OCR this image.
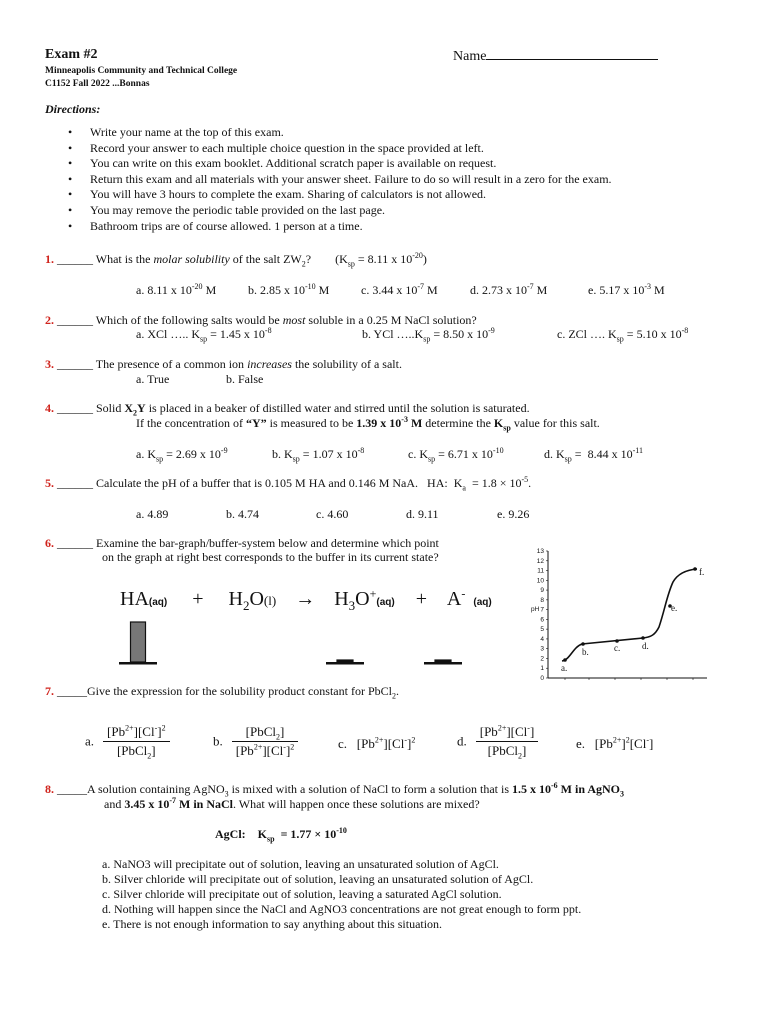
Exam #2	Name
Minneapolis Community and Technical College
C1152 Fall 2022 ...Bonnas
Directions:
• Write your name at the top of this exam.
• Record your answer to each multiple choice question in the space provided at left.
• You can write on this exam booklet. Additional scratch paper is available on request.
• Return this exam and all materials with your answer sheet. Failure to do so will result in a zero for the exam.
• You will have 3 hours to complete the exam. Sharing of calculators is not allowed.
• You may remove the periodic table provided on the last page.
• Bathroom trips are of course allowed. 1 person at a time.
1. ______ What is the molar solubility of the salt $ZW_2$?        ($K_{sp} = 8.11$ x $10^{-20}$)
a. 8.11 x $10^{-20}$ M	b. 2.85 x $10^{-10}$ M	c. 3.44 x $10^{-7}$ M	d. 2.73 x $10^{-7}$ M	e. 5.17 x $10^{-3}$ M
2. ______ Which of the following salts would be most soluble in a 0.25 M NaCl solution?
a. XCl ….. $K_{sp} = 1.45$ x $10^{-8}$	b. YCl $\dots..K_{sp} = 8.50$ x $10^{-9}$	c. ZCl …. $K_{sp} = 5.10$ x $10^{-8}$
3. ______ The presence of a common ion increases the solubility of a salt.
a. True	b. False
4. ______ Solid $X_2Y$ is placed in a beaker of distilled water and stirred until the solution is saturated.
If the concentration of “Y” is measured to be 1.39 x $10^{-3}$ M determine the $K_{sp}$ value for this salt.
a. $K_{sp} = 2.69$ x $10^{-9}$	b. $K_{sp} = 1.07$ x $10^{-8}$	c. $K_{sp} = 6.71$ x $10^{-10}$	d. $K_{sp} = 8.44$ x $10^{-11}$
5. ______ Calculate the pH of a buffer that is 0.105 M HA and 0.146 M NaA.   HA:  $K_a = 1.8 \times 10^{-5}$.
a. 4.89	b. 4.74	c. 4.60	d. 9.11	e. 9.26
6. ______ Examine the bar-graph/buffer-system below and determine which point
on the graph at right best corresponds to the buffer in its current state?
$HA(aq) + H_2O(l) \to H_3O^+(aq) + A^-(aq)$
13
12
11
10
9
8
7
6
5
4
3
2
1
0
pH
a.
b.	c. d.
e.
f.
7. _____Give the expression for the solubility product constant for PbCl$_2$.
a. $\frac{[Pb^{2+}][Cl^-]^2}{[PbCl_2]}$	b. $\frac{[PbCl_2]}{[Pb^{2+}][Cl^-]^2}$	c.   $[Pb^{2+}][Cl^-]^2$	d. $\frac{[Pb^{2+}][Cl^-]}{[PbCl_2]}$	e.   $[Pb^{2+}]^2[Cl^-]$
8. _____A solution containing AgNO$_3$ is mixed with a solution of NaCl to form a solution that is 1.5 x $10^{-6}$ M in AgNO$_3$
and 3.45 x $10^{-7}$ M in NaCl. What will happen once these solutions are mixed?
AgCl:    $K_{sp} = 1.77 \times 10^{-10}$
a. NaNO3 will precipitate out of solution, leaving an unsaturated solution of AgCl.
b. Silver chloride will precipitate out of solution, leaving an unsaturated solution of AgCl.
c. Silver chloride will precipitate out of solution, leaving a saturated AgCl solution.
d. Nothing will happen since the NaCl and AgNO3 concentrations are not great enough to form ppt.
e. There is not enough information to say anything about this situation.
